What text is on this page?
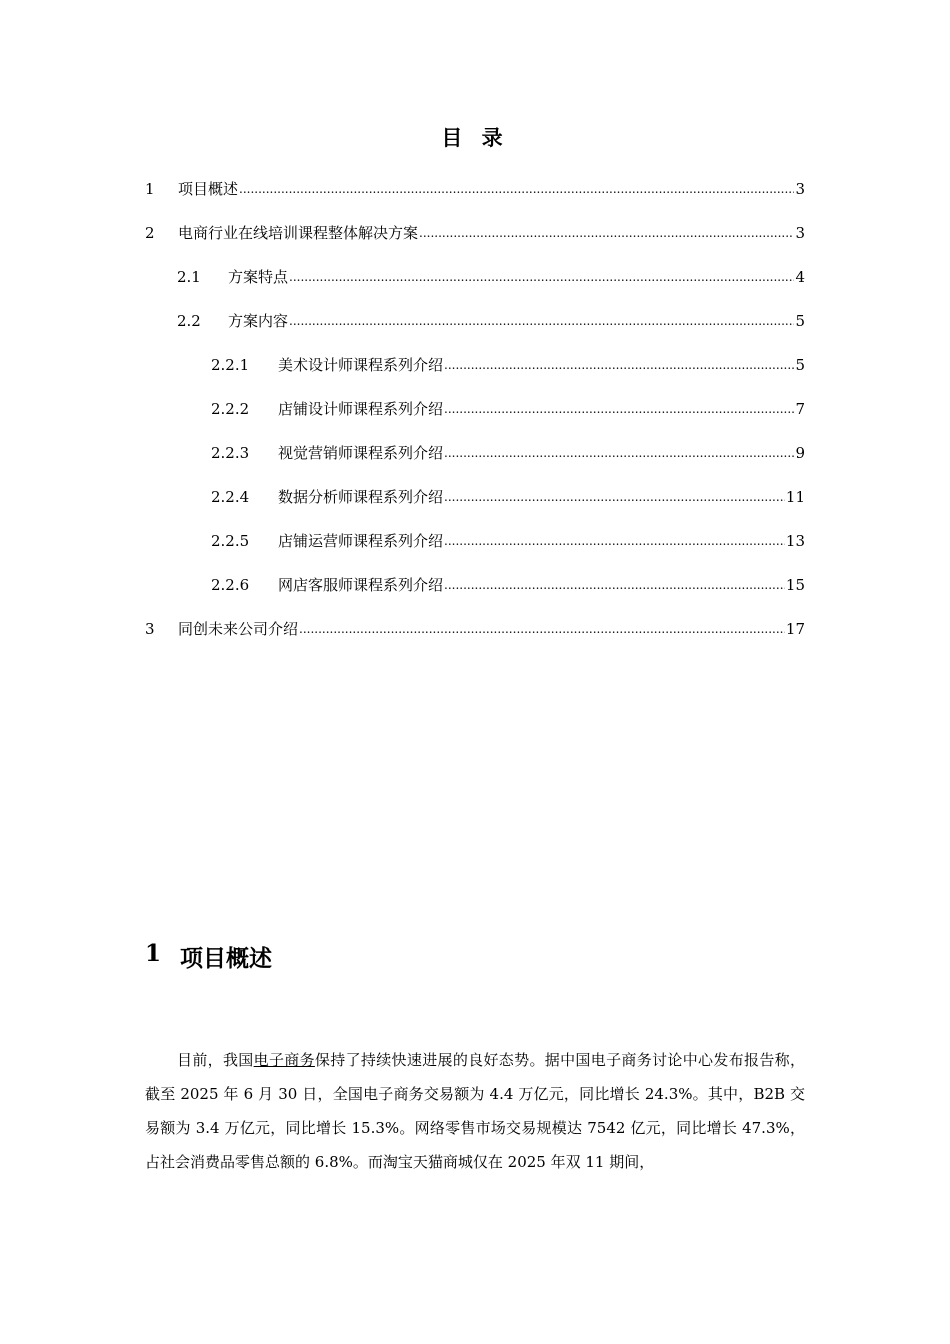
目 录
1	项目概述 .....	3
2	电商行业在线培训课程整体解决方案 .....	3
2.1	方案特点 .....	4
2.2	方案内容 .....	5
2.2.1	美术设计师课程系列介绍 .....	5
2.2.2	店铺设计师课程系列介绍 .....	7
2.2.3	视觉营销师课程系列介绍 .....	9
2.2.4	数据分析师课程系列介绍 .....	11
2.2.5	店铺运营师课程系列介绍 .....	13
2.2.6	网店客服师课程系列介绍 .....	15
3	同创未来公司介绍 .....	17
1 项目概述

目前，我国电子商务保持了持续快速进展的良好态势。据中国电子商务讨论中心发布报告称，截至 2025 年 6 月 30 日，全国电子商务交易额为 4.4 万亿元，同比增长 24.3%。其中，B2B 交易额为 3.4 万亿元，同比增长 15.3%。网络零售市场交易规模达 7542 亿元，同比增长 47.3%，占社会消费品零售总额的 6.8%。而淘宝天猫商城仅在 2025 年双 11 期间，
